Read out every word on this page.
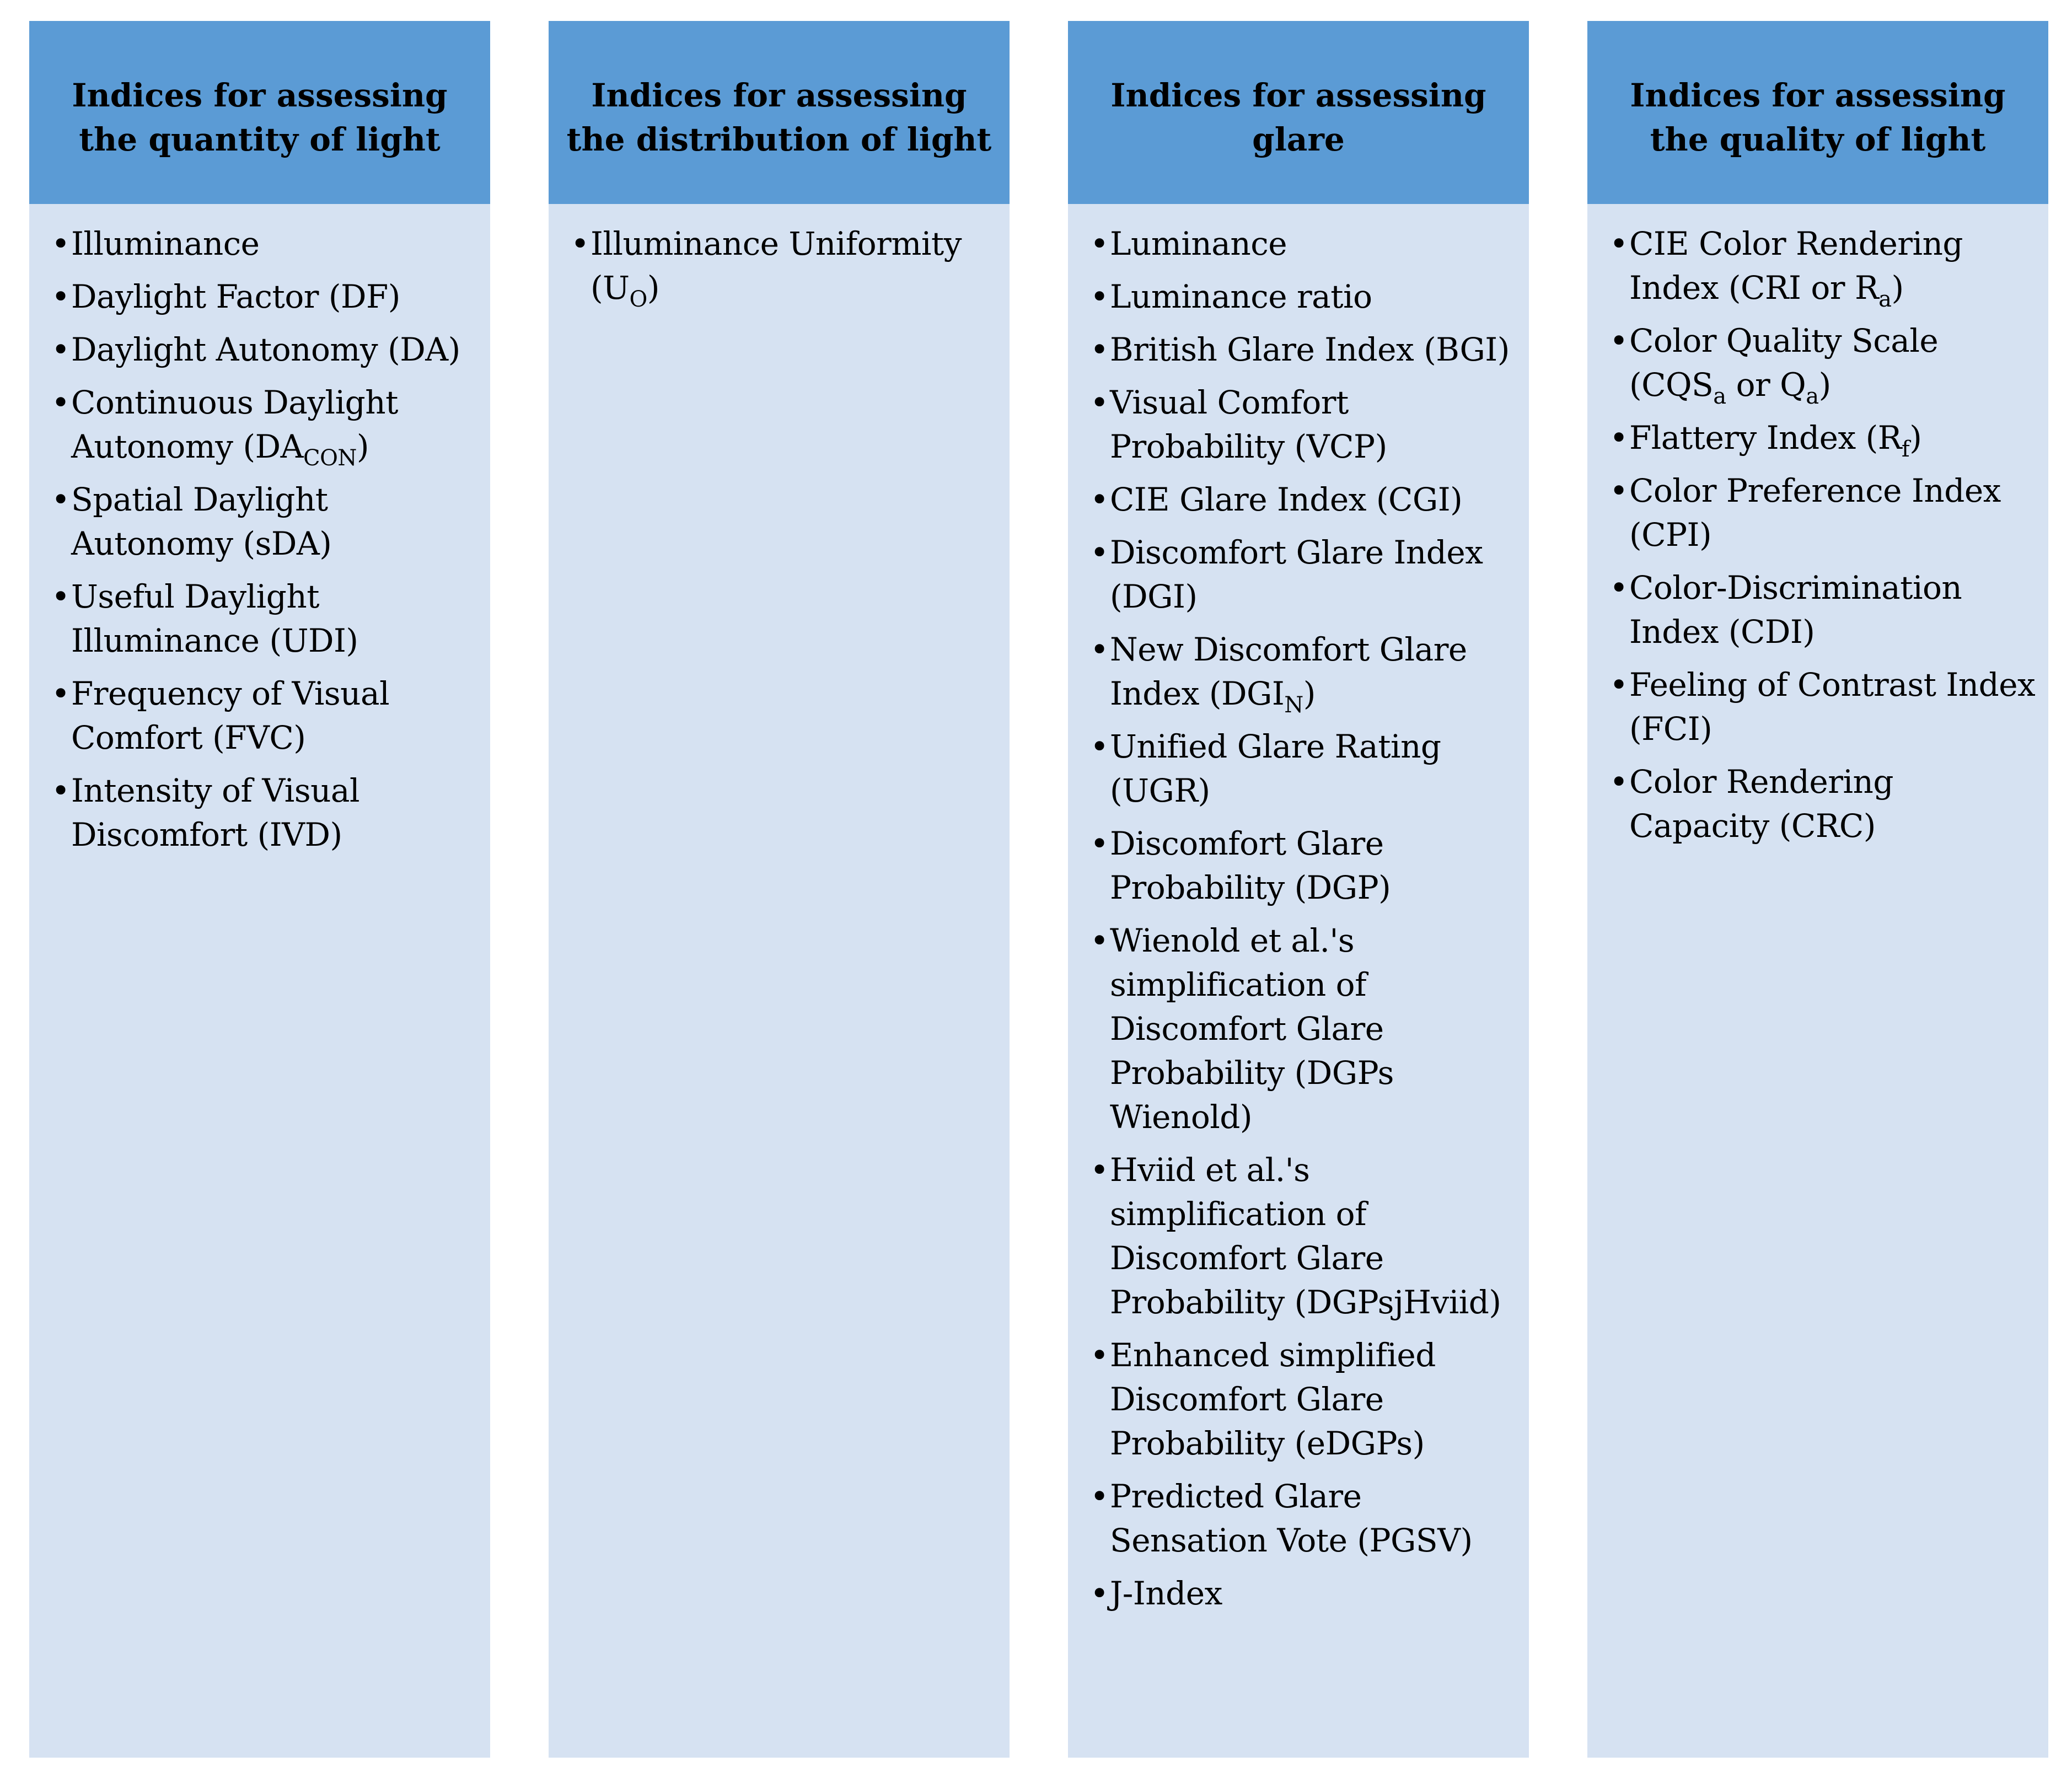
Indices for assessing the quantity of light
• Illuminance
• Daylight Factor (DF)
• Daylight Autonomy (DA)
• Continuous Daylight Autonomy $(DA_{CON})$
• Spatial Daylight Autonomy (sDA)
• Useful Daylight Illuminance (UDI)
• Frequency of Visual Comfort (FVC)
• Intensity of Visual Discomfort (IVD)
Indices for assessing the distribution of light
• Illuminance Uniformity $(U_O)$
Indices for assessing glare
• Luminance
• Luminance ratio
• British Glare Index (BGI)
• Visual Comfort Probability (VCP)
• CIE Glare Index (CGI)
• Discomfort Glare Index (DGI)
• New Discomfort Glare Index $(DGI_N)$
• Unified Glare Rating (UGR)
• Discomfort Glare Probability (DGP)
• Wienold et al.'s simplification of Discomfort Glare Probability (DGPs Wienold)
• Hviid et al.'s simplification of Discomfort Glare Probability (DGPsjHviid)
• Enhanced simplified Discomfort Glare Probability (eDGPs)
• Predicted Glare Sensation Vote (PGSV)
• J-Index
Indices for assessing the quality of light
• CIE Color Rendering Index (CRI or $R_a$)
• Color Quality Scale ($CQS_a$ or $Q_a$)
• Flattery Index $(R_f)$
• Color Preference Index (CPI)
• Color-Discrimination Index (CDI)
• Feeling of Contrast Index (FCI)
• Color Rendering Capacity (CRC)
